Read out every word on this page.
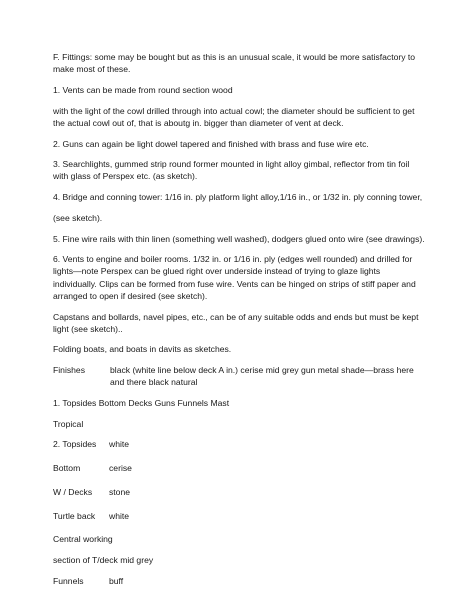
F. Fittings: some may be bought but as this is an unusual scale, it would be more satisfactory to make most of these.

1. Vents can be made from round section wood

with the light of the cowl drilled through into actual cowl; the diameter should be sufficient to get the actual cowl out of, that is aboutg in. bigger than diameter of vent at deck.

2. Guns can again be light dowel tapered and finished with brass and fuse wire etc.

3. Searchlights, gummed strip round former mounted in light alloy gimbal, reflector from tin foil with glass of Perspex etc. (as sketch).

4. Bridge and conning tower: 1/16 in. ply platform light alloy,1/16 in., or 1/32 in. ply conning tower,

(see sketch).

5. Fine wire rails with thin linen (something well washed), dodgers glued onto wire (see drawings).

6. Vents to engine and boiler rooms. 1/32 in. or 1/16 in. ply (edges well rounded) and drilled for lights—note Perspex can be glued right over underside instead of trying to glaze lights individually. Clips can be formed from fuse wire. Vents can be hinged on strips of stiff paper and arranged to open if desired (see sketch).

Capstans and bollards, navel pipes, etc., can be of any suitable odds and ends but must be kept light (see sketch)..

Folding boats, and boats in davits as sketches.

Finishes	black (white line below deck A in.) cerise mid grey gun metal shade—brass here and there black natural

1. Topsides Bottom Decks Guns Funnels Mast

Tropical

2. Topsides	white
Bottom	cerise
W / Decks	stone
Turtle back	white

Central working

section of T/deck mid grey

Funnels	buff
